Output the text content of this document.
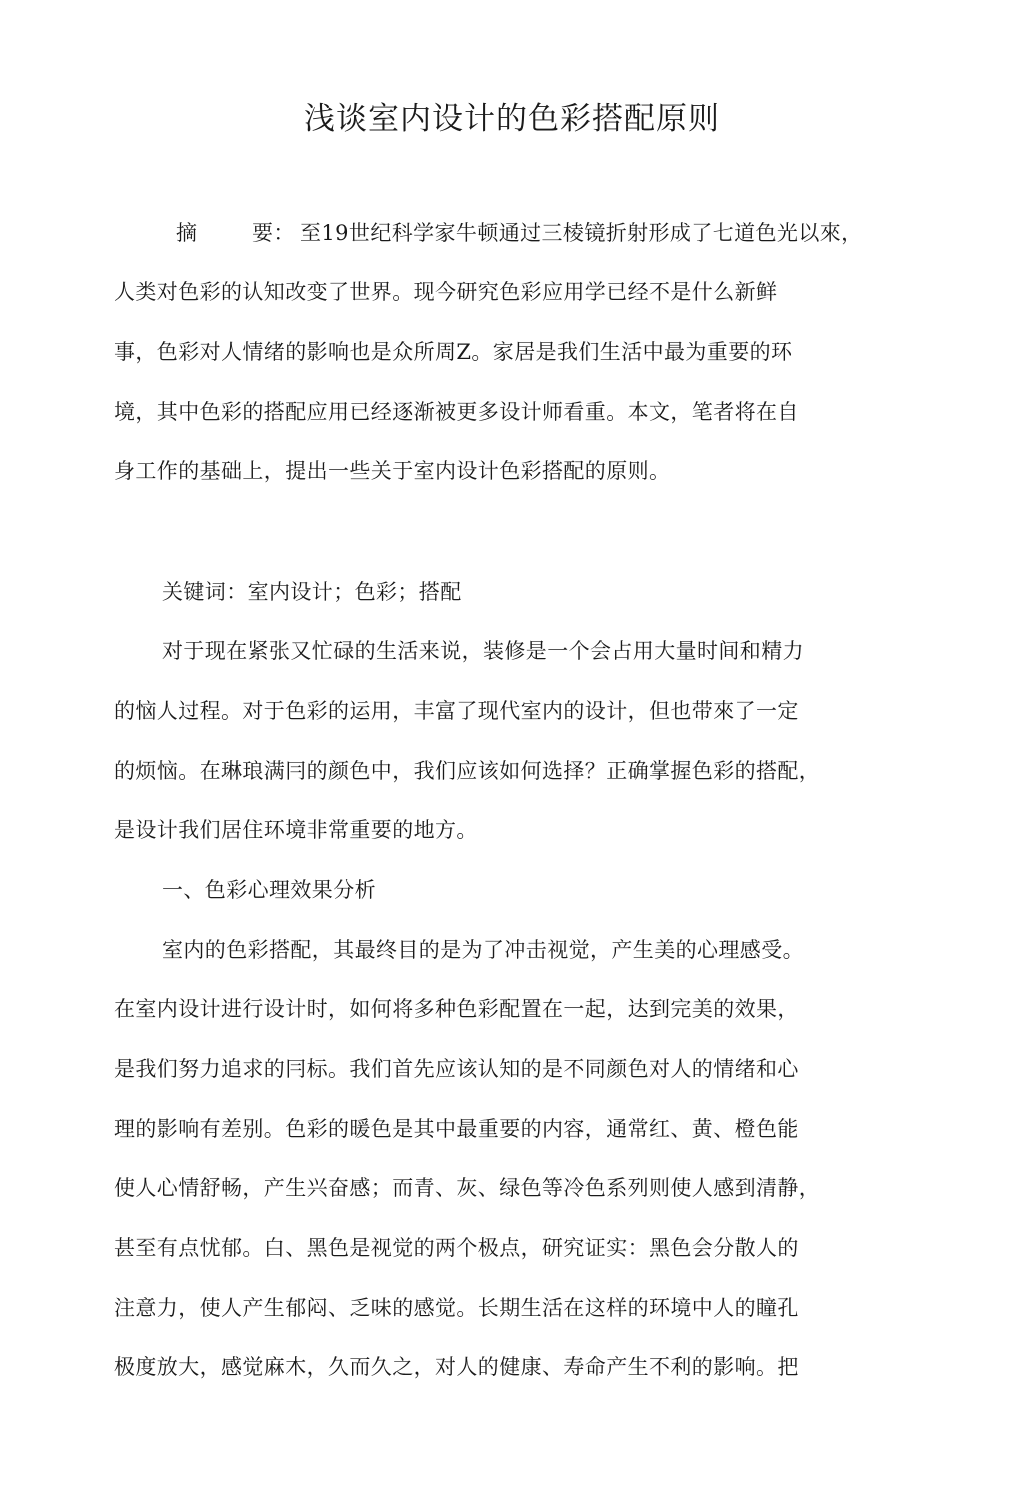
浅谈室内设计的色彩搭配原则
摘	要： 至19世纪科学家牛顿通过三棱镜折射形成了七道色光以來，
人类对色彩的认知改变了世界。现今研究色彩应用学已经不是什么新鲜
事，色彩对人情绪的影响也是众所周Z。家居是我们生活中最为重要的环
境，其中色彩的搭配应用已经逐渐被更多设计师看重。本文，笔者将在自
身工作的基础上，提出一些关于室内设计色彩搭配的原则。
关键词：室内设计；色彩；搭配
对于现在紧张又忙碌的生活来说，装修是一个会占用大量时间和精力
的恼人过程。对于色彩的运用，丰富了现代室内的设计，但也带來了一定
的烦恼。在琳琅满冃的颜色中，我们应该如何选择？正确掌握色彩的搭配，
是设计我们居住环境非常重要的地方。
一、色彩心理效果分析
室内的色彩搭配，其最终目的是为了冲击视觉，产生美的心理感受。
在室内设计进行设计时，如何将多种色彩配置在一起，达到完美的效果，
是我们努力追求的冃标。我们首先应该认知的是不同颜色对人的情绪和心
理的影响有差别。色彩的暖色是其中最重要的内容，通常红、黄、橙色能
使人心情舒畅，产生兴奋感；而青、灰、绿色等冷色系列则使人感到清静，
甚至有点忧郁。白、黑色是视觉的两个极点，研究证实：黑色会分散人的
注意力，使人产生郁闷、乏味的感觉。长期生活在这样的环境中人的瞳孔
极度放大，感觉麻木，久而久之，对人的健康、寿命产生不利的影响。把
